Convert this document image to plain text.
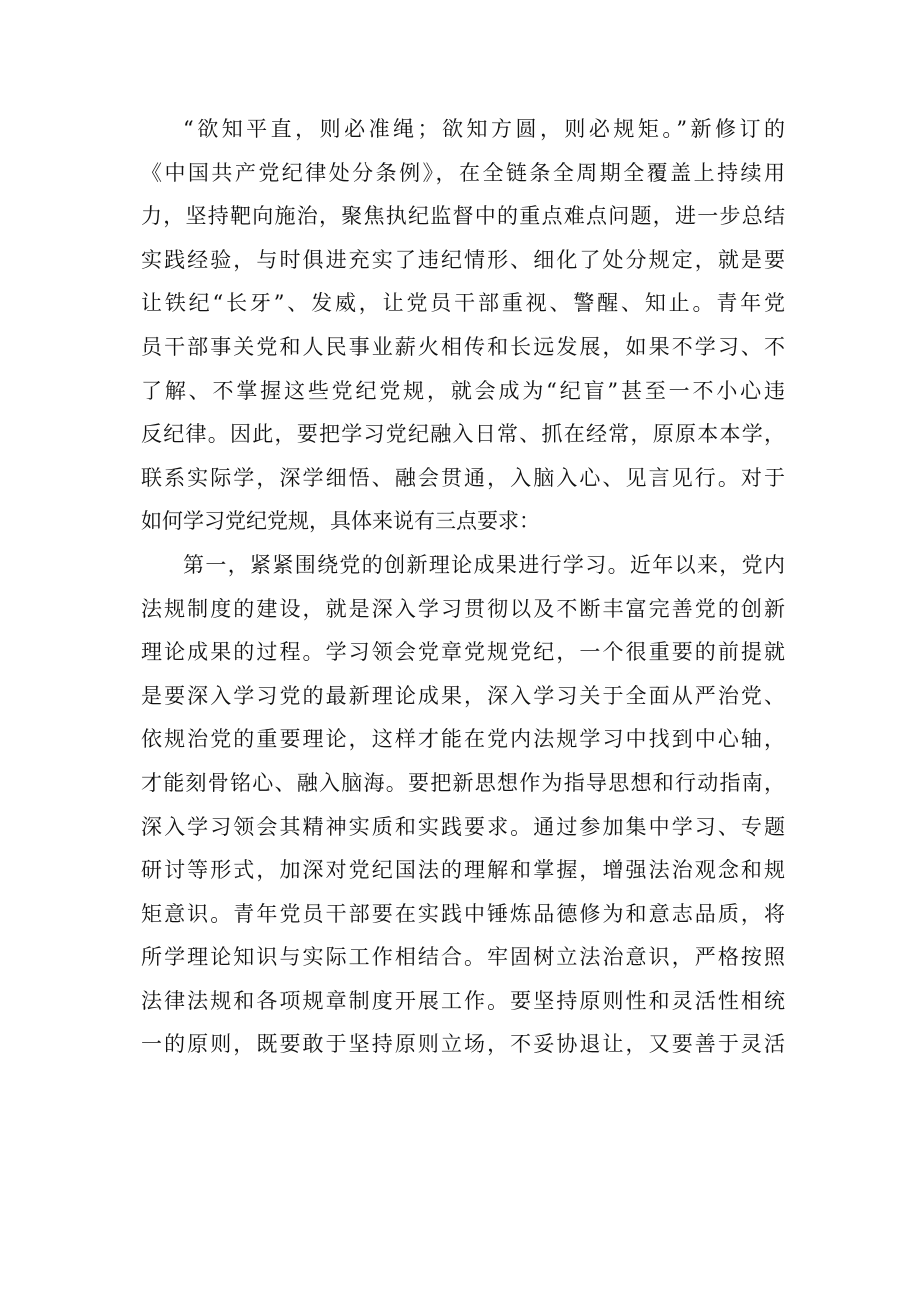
“欲知平直，则必准绳；欲知方圆，则必规矩。”新修订的
《中国共产党纪律处分条例》，在全链条全周期全覆盖上持续用
力，坚持靶向施治，聚焦执纪监督中的重点难点问题，进一步总结
实践经验，与时俱进充实了违纪情形、细化了处分规定，就是要
让铁纪“长牙”、发威，让党员干部重视、警醒、知止。青年党
员干部事关党和人民事业薪火相传和长远发展，如果不学习、不
了解、不掌握这些党纪党规，就会成为“纪盲”甚至一不小心违
反纪律。因此，要把学习党纪融入日常、抓在经常，原原本本学，
联系实际学，深学细悟、融会贯通，入脑入心、见言见行。对于
如何学习党纪党规，具体来说有三点要求：
第一，紧紧围绕党的创新理论成果进行学习。近年以来，党内
法规制度的建设，就是深入学习贯彻以及不断丰富完善党的创新
理论成果的过程。学习领会党章党规党纪，一个很重要的前提就
是要深入学习党的最新理论成果，深入学习关于全面从严治党、
依规治党的重要理论，这样才能在党内法规学习中找到中心轴，
才能刻骨铭心、融入脑海。要把新思想作为指导思想和行动指南，
深入学习领会其精神实质和实践要求。通过参加集中学习、专题
研讨等形式，加深对党纪国法的理解和掌握，增强法治观念和规
矩意识。青年党员干部要在实践中锤炼品德修为和意志品质，将
所学理论知识与实际工作相结合。牢固树立法治意识，严格按照
法律法规和各项规章制度开展工作。要坚持原则性和灵活性相统
一的原则，既要敢于坚持原则立场，不妥协退让，又要善于灵活
